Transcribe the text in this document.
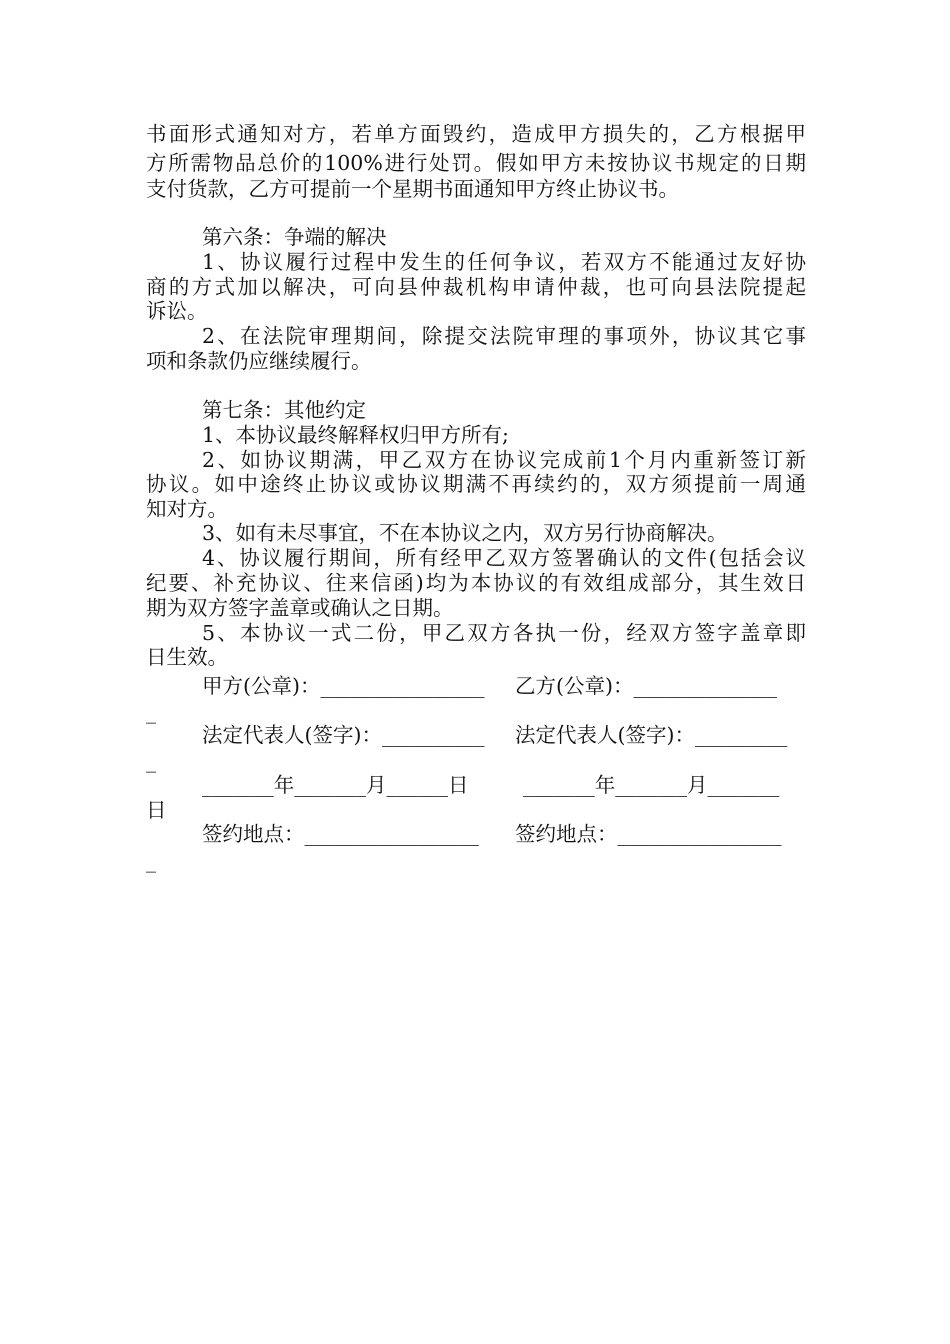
书面形式通知对方，若单方面毁约，造成甲方损失的，乙方根据甲
方所需物品总价的100%进行处罚。假如甲方未按协议书规定的日期
支付货款，乙方可提前一个星期书面通知甲方终止协议书。
第六条：争端的解决
1、协议履行过程中发生的任何争议，若双方不能通过友好协
商的方式加以解决，可向县仲裁机构申请仲裁，也可向县法院提起
诉讼。
2、在法院审理期间，除提交法院审理的事项外，协议其它事
项和条款仍应继续履行。
第七条：其他约定
1、本协议最终解释权归甲方所有;
2、如协议期满，甲乙双方在协议完成前1个月内重新签订新
协议。如中途终止协议或协议期满不再续约的，双方须提前一周通
知对方。
3、如有未尽事宜，不在本协议之内，双方另行协商解决。
4、协议履行期间，所有经甲乙双方签署确认的文件(包括会议
纪要、补充协议、往来信函)均为本协议的有效组成部分，其生效日
期为双方签字盖章或确认之日期。
5、本协议一式二份，甲乙双方各执一份，经双方签字盖章即
日生效。
甲方(公章)：________________ 乙方(公章)：______________
_
法定代表人(签字)：__________ 法定代表人(签字)：_________
_
_______年_______月______日	_______年_______月_______
日
签约地点：_________________ 签约地点：________________
_
